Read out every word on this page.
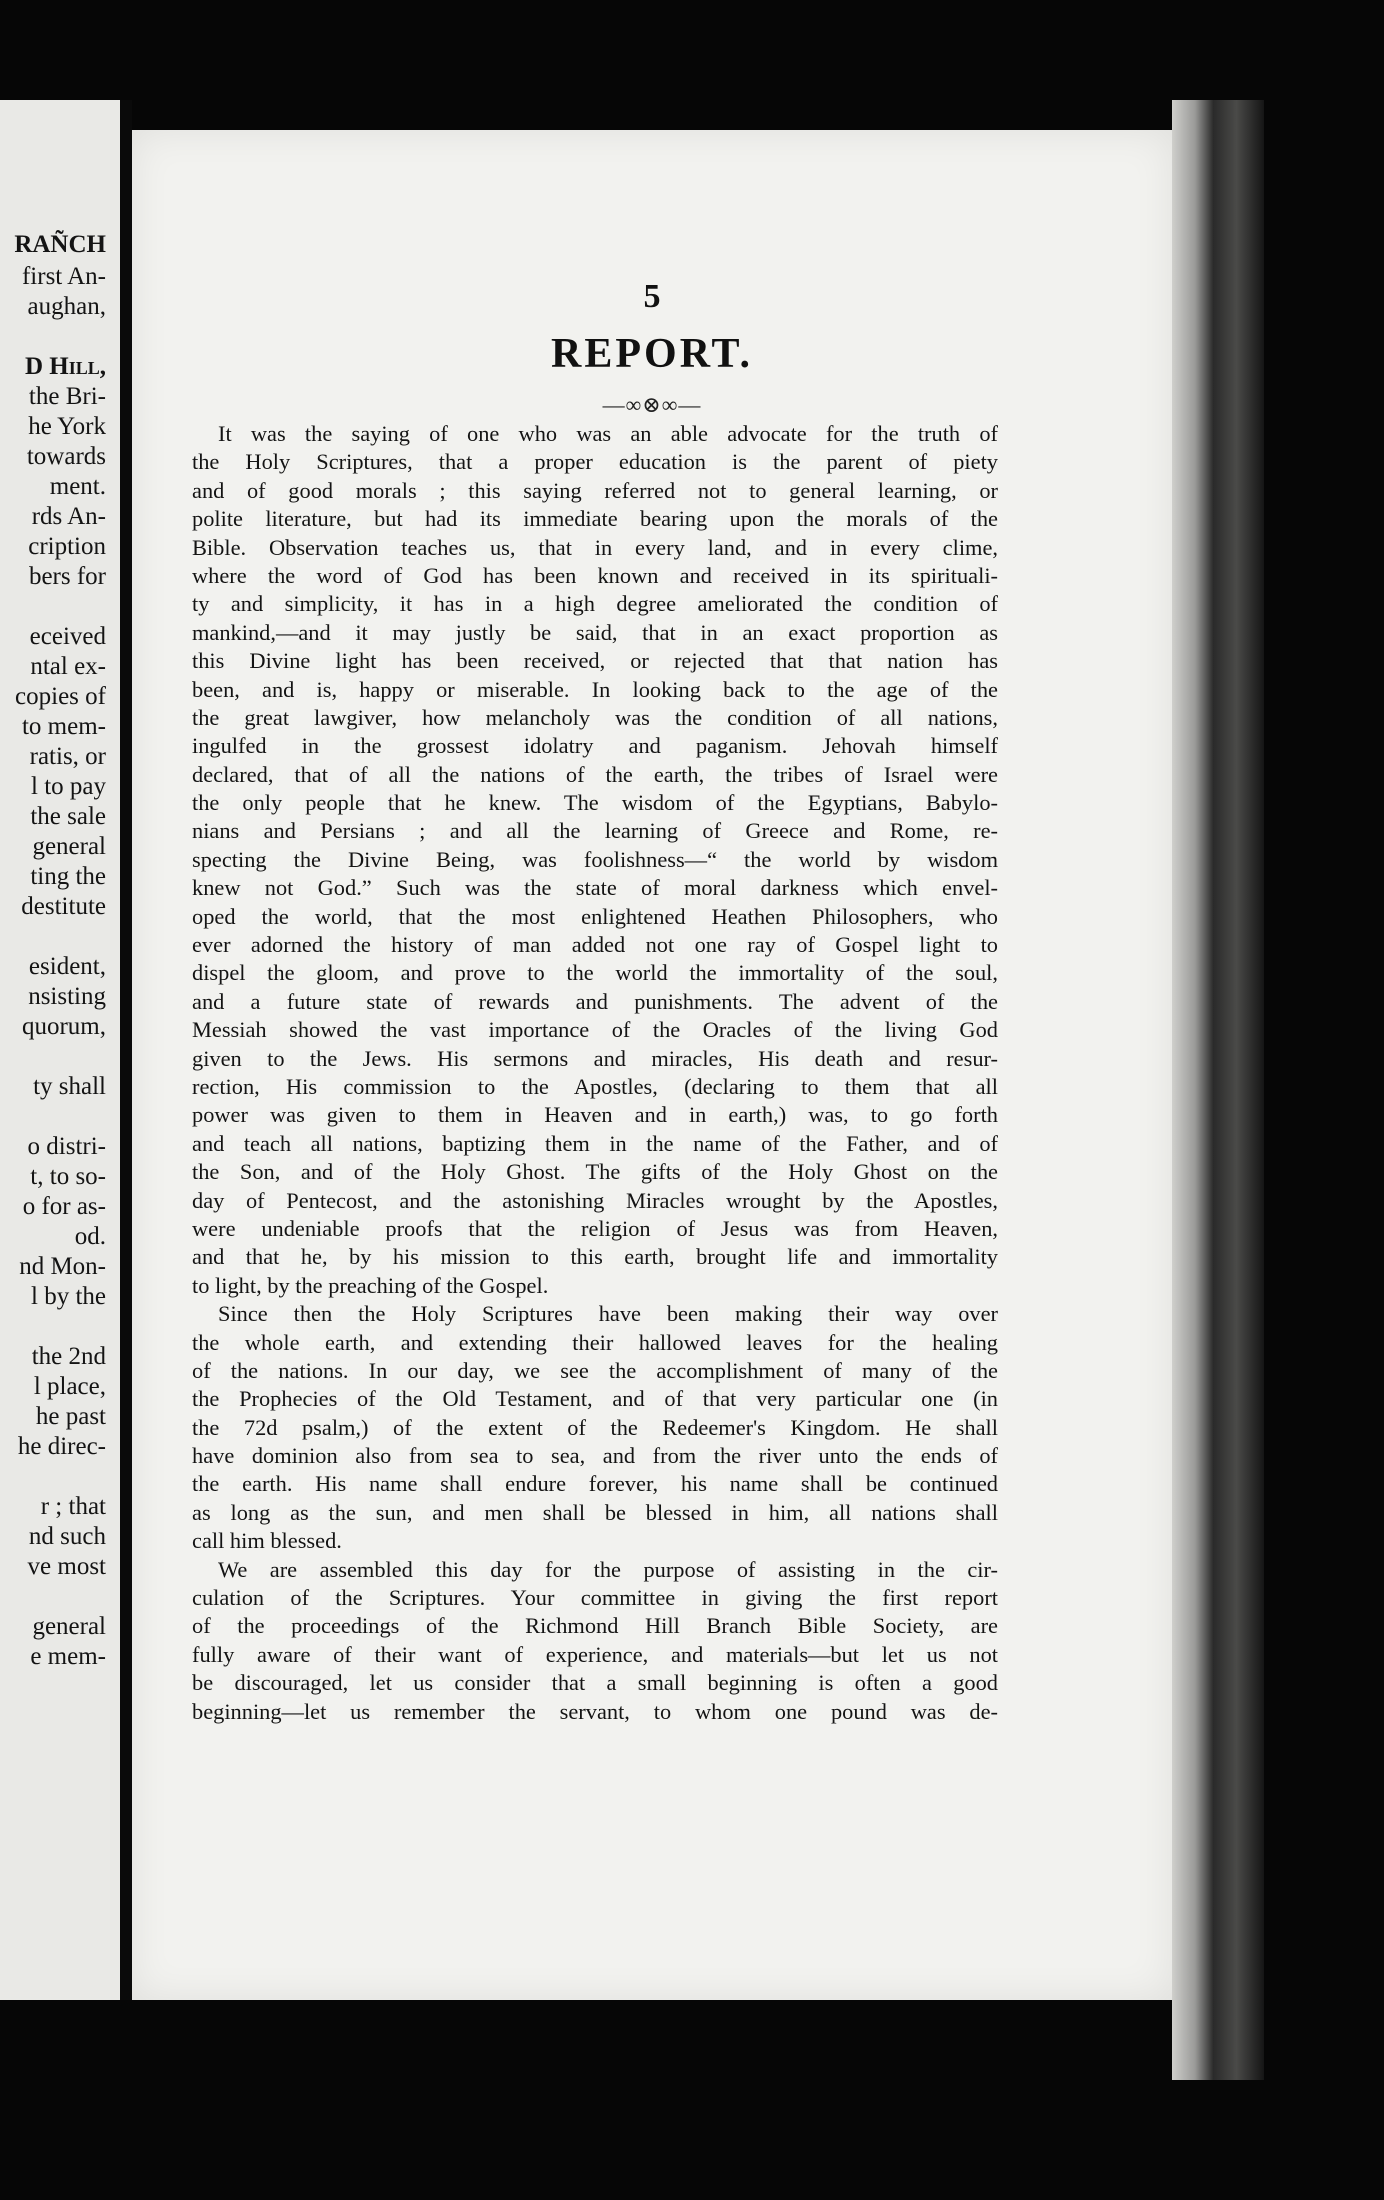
RAÑCH
first An-
aughan,
D Hill,
the Bri-
he York
towards
ment.
rds An-
cription
bers for
eceived
ntal ex-
copies of
to mem-
ratis, or
l to pay
the sale
general
ting the
destitute
esident,
nsisting
quorum,
ty shall
o distri-
t, to so-
o for as-
od.
nd Mon-
l by the
the 2nd
l place,
he past
he direc-
r ; that
nd such
ve most
general
e mem-
5
REPORT.
—∞⊗∞—
It was the saying of one who was an able advocate for the truth of
the Holy Scriptures, that a proper education is the parent of piety
and of good morals ; this saying referred not to general learning, or
polite literature, but had its immediate bearing upon the morals of the
Bible. Observation teaches us, that in every land, and in every clime,
where the word of God has been known and received in its spirituali-
ty and simplicity, it has in a high degree ameliorated the condition of
mankind,—and it may justly be said, that in an exact proportion as
this Divine light has been received, or rejected that that nation has
been, and is, happy or miserable. In looking back to the age of the
the great lawgiver, how melancholy was the condition of all nations,
ingulfed in the grossest idolatry and paganism. Jehovah himself
declared, that of all the nations of the earth, the tribes of Israel were
the only people that he knew. The wisdom of the Egyptians, Babylo-
nians and Persians ; and all the learning of Greece and Rome, re-
specting the Divine Being, was foolishness—“ the world by wisdom
knew not God.” Such was the state of moral darkness which envel-
oped the world, that the most enlightened Heathen Philosophers, who
ever adorned the history of man added not one ray of Gospel light to
dispel the gloom, and prove to the world the immortality of the soul,
and a future state of rewards and punishments. The advent of the
Messiah showed the vast importance of the Oracles of the living God
given to the Jews. His sermons and miracles, His death and resur-
rection, His commission to the Apostles, (declaring to them that all
power was given to them in Heaven and in earth,) was, to go forth
and teach all nations, baptizing them in the name of the Father, and of
the Son, and of the Holy Ghost. The gifts of the Holy Ghost on the
day of Pentecost, and the astonishing Miracles wrought by the Apostles,
were undeniable proofs that the religion of Jesus was from Heaven,
and that he, by his mission to this earth, brought life and immortality
to light, by the preaching of the Gospel.
Since then the Holy Scriptures have been making their way over
the whole earth, and extending their hallowed leaves for the healing
of the nations. In our day, we see the accomplishment of many of the
the Prophecies of the Old Testament, and of that very particular one (in
the 72d psalm,) of the extent of the Redeemer's Kingdom. He shall
have dominion also from sea to sea, and from the river unto the ends of
the earth. His name shall endure forever, his name shall be continued
as long as the sun, and men shall be blessed in him, all nations shall
call him blessed.
We are assembled this day for the purpose of assisting in the cir-
culation of the Scriptures. Your committee in giving the first report
of the proceedings of the Richmond Hill Branch Bible Society, are
fully aware of their want of experience, and materials—but let us not
be discouraged, let us consider that a small beginning is often a good
beginning—let us remember the servant, to whom one pound was de-
